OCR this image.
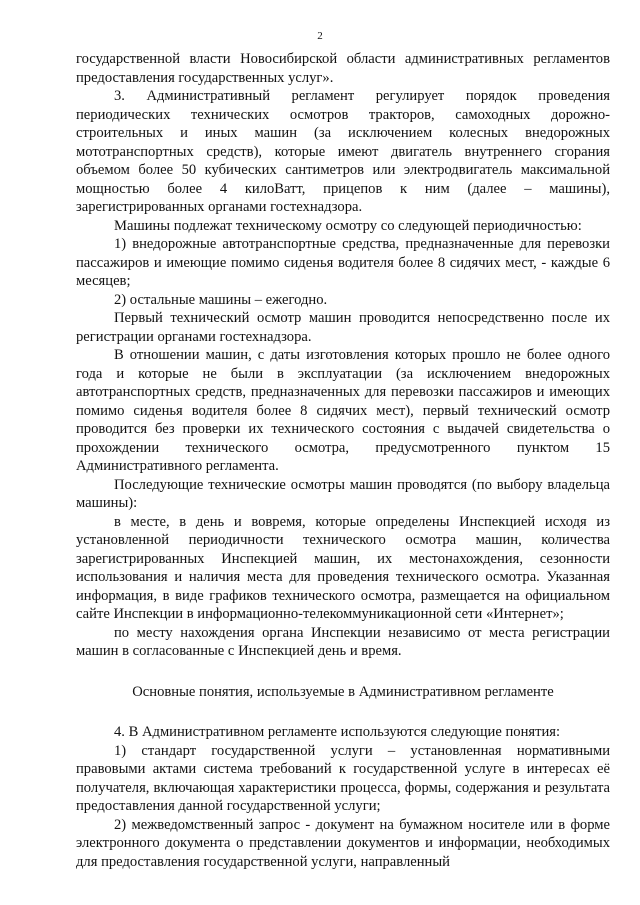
2

государственной власти Новосибирской области административных регламентов предоставления государственных услуг».

3. Административный регламент регулирует порядок проведения периодических технических осмотров тракторов, самоходных дорожно-строительных и иных машин (за исключением колесных внедорожных мототранспортных средств), которые имеют двигатель внутреннего сгорания объемом более 50 кубических сантиметров или электродвигатель максимальной мощностью более 4 килоВатт, прицепов к ним (далее – машины), зарегистрированных органами гостехнадзора.

Машины подлежат техническому осмотру со следующей периодичностью:

1) внедорожные автотранспортные средства, предназначенные для перевозки пассажиров и имеющие помимо сиденья водителя более 8 сидячих мест, - каждые 6 месяцев;

2) остальные машины – ежегодно.

Первый технический осмотр машин проводится непосредственно после их регистрации органами гостехнадзора.

В отношении машин, с даты изготовления которых прошло не более одного года и которые не были в эксплуатации (за исключением внедорожных автотранспортных средств, предназначенных для перевозки пассажиров и имеющих помимо сиденья водителя более 8 сидячих мест), первый технический осмотр проводится без проверки их технического состояния с выдачей свидетельства о прохождении технического осмотра, предусмотренного пунктом 15 Административного регламента.

Последующие технические осмотры машин проводятся (по выбору владельца машины):

в месте, в день и вовремя, которые определены Инспекцией исходя из установленной периодичности технического осмотра машин, количества зарегистрированных Инспекцией машин, их местонахождения, сезонности использования и наличия места для проведения технического осмотра. Указанная информация, в виде графиков технического осмотра, размещается на официальном сайте Инспекции в информационно-телекоммуникационной сети «Интернет»;

по месту нахождения органа Инспекции независимо от места регистрации машин в согласованные с Инспекцией день и время.

Основные понятия, используемые в Административном регламенте

4. В Административном регламенте используются следующие понятия:

1) стандарт государственной услуги – установленная нормативными правовыми актами система требований к государственной услуге в интересах её получателя, включающая характеристики процесса, формы, содержания и результата предоставления данной государственной услуги;

2) межведомственный запрос - документ на бумажном носителе или в форме электронного документа о представлении документов и информации, необходимых для предоставления государственной услуги, направленный
